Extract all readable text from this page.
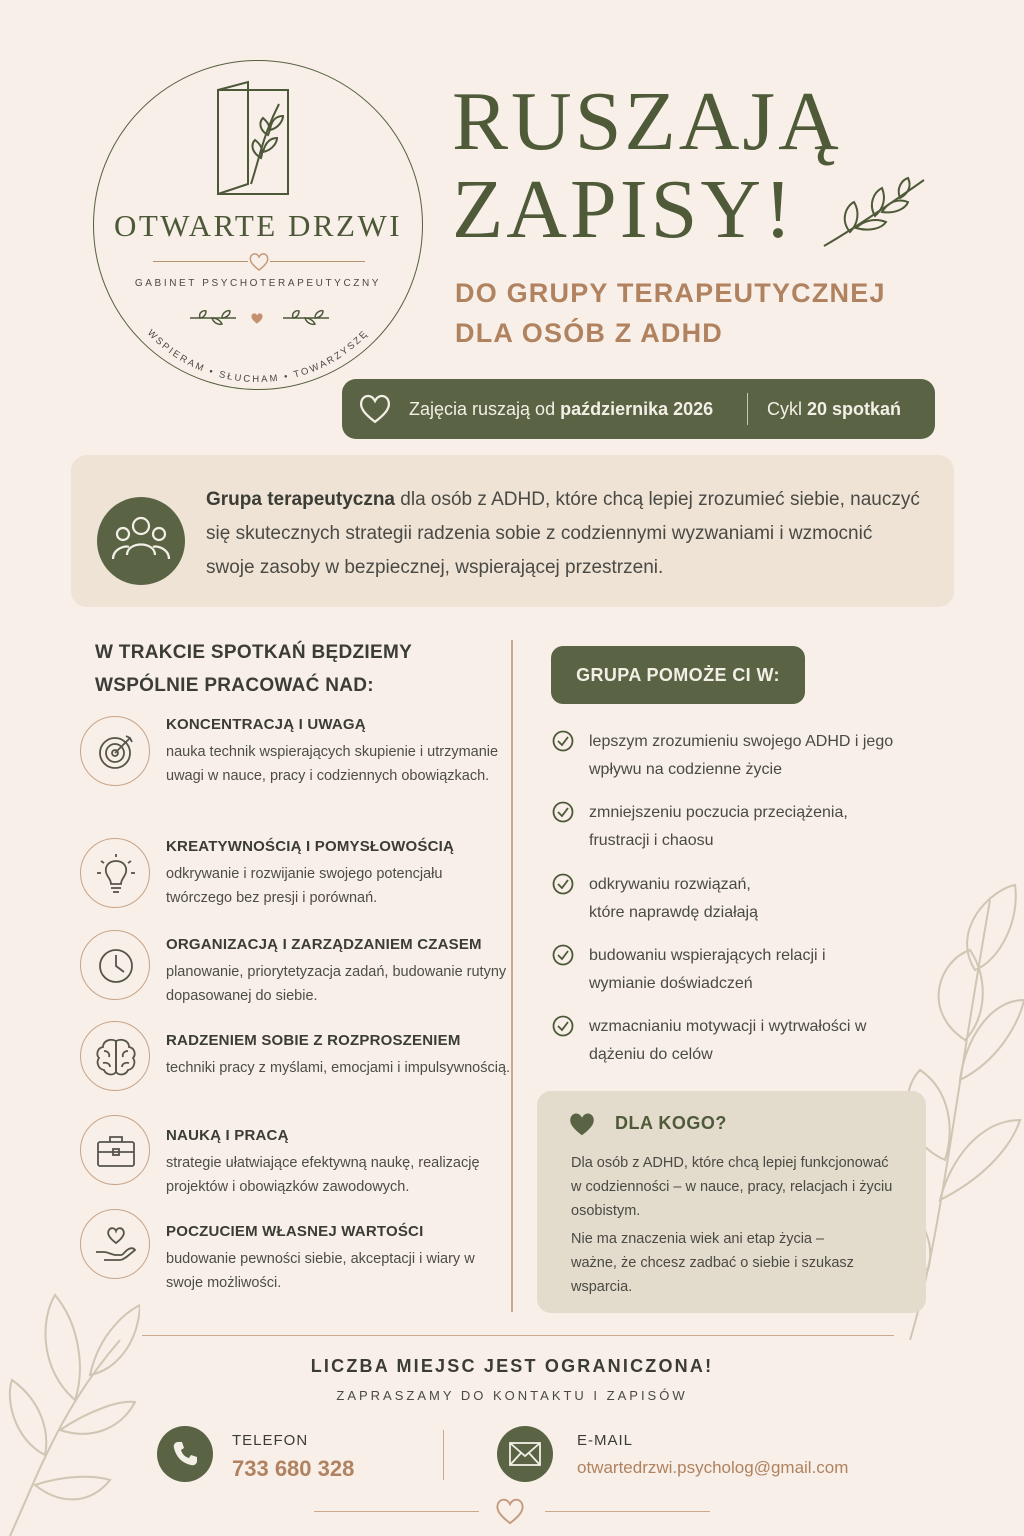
OTWARTE DRZWI
GABINET PSYCHOTERAPEUTYCZNY
WSPIERAM • SŁUCHAM • TOWARZYSZĘ
RUSZAJĄ
ZAPISY!
DO GRUPY TERAPEUTYCZNEJ
DLA OSÓB Z ADHD
Zajęcia ruszają od października 2026	Cykl 20 spotkań
Grupa terapeutyczna dla osób z ADHD, które chcą lepiej zrozumieć siebie, nauczyć się skutecznych strategii radzenia sobie z codziennymi wyzwaniami i wzmocnić swoje zasoby w bezpiecznej, wspierającej przestrzeni.
W TRAKCIE SPOTKAŃ BĘDZIEMY
WSPÓLNIE PRACOWAĆ NAD:
KONCENTRACJĄ I UWAGĄ
nauka technik wspierających skupienie i utrzymanie uwagi w nauce, pracy i codziennych obowiązkach.
KREATYWNOŚCIĄ I POMYSŁOWOŚCIĄ
odkrywanie i rozwijanie swojego potencjału twórczego bez presji i porównań.
ORGANIZACJĄ I ZARZĄDZANIEM CZASEM
planowanie, priorytetyzacja zadań, budowanie rutyny dopasowanej do siebie.
RADZENIEM SOBIE Z ROZPROSZENIEM
techniki pracy z myślami, emocjami i impulsywnością.
NAUKĄ I PRACĄ
strategie ułatwiające efektywną naukę, realizację projektów i obowiązków zawodowych.
POCZUCIEM WŁASNEJ WARTOŚCI
budowanie pewności siebie, akceptacji i wiary w swoje możliwości.
GRUPA POMOŻE CI W:
lepszym zrozumieniu swojego ADHD i jego wpływu na codzienne życie
zmniejszeniu poczucia przeciążenia, frustracji i chaosu
odkrywaniu rozwiązań, które naprawdę działają
budowaniu wspierających relacji i wymianie doświadczeń
wzmacnianiu motywacji i wytrwałości w dążeniu do celów
DLA KOGO?
Dla osób z ADHD, które chcą lepiej funkcjonować w codzienności – w nauce, pracy, relacjach i życiu osobistym.
Nie ma znaczenia wiek ani etap życia – ważne, że chcesz zadbać o siebie i szukasz wsparcia.
LICZBA MIEJSC JEST OGRANICZONA!
ZAPRASZAMY DO KONTAKTU I ZAPISÓW
TELEFON
733 680 328
E-MAIL
otwartedrzwi.psycholog@gmail.com
